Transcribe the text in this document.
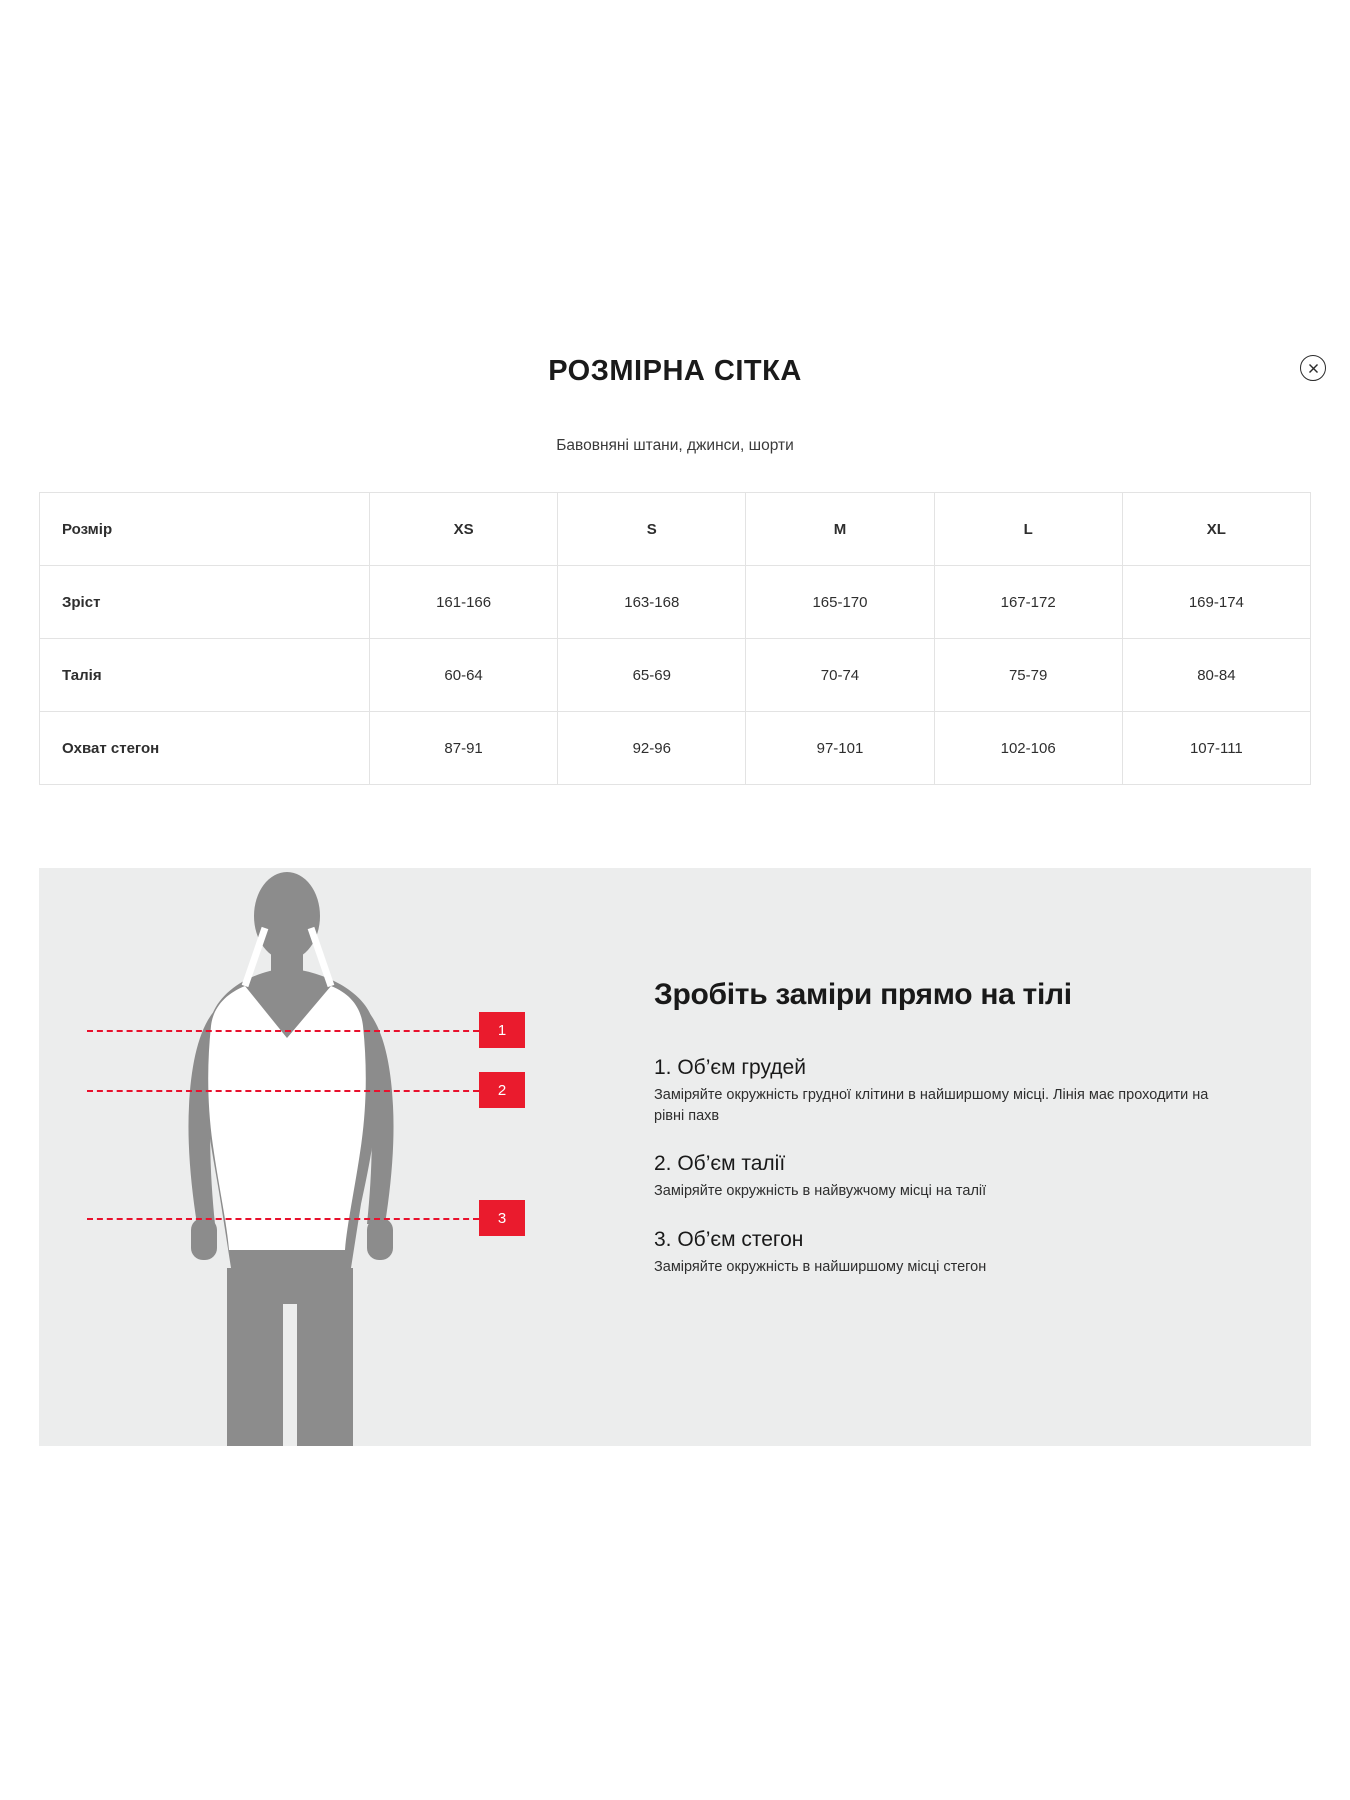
РОЗМІРНА СІТКА
Бавовняні штани, джинси, шорти
Розмір	XS	S	M	L	XL
Зріст	161-166	163-168	165-170	167-172	169-174
Талія	60-64	65-69	70-74	75-79	80-84
Охват стегон	87-91	92-96	97-101	102-106	107-111
1
2
3
Зробіть заміри прямо на тілі
1. Об’єм грудей
Заміряйте окружність грудної клітини в найширшому місці. Лінія має проходити на рівні пахв
2. Об’єм талії
Заміряйте окружність в найвужчому місці на талії
3. Об’єм стегон
Заміряйте окружність в найширшому місці стегон
